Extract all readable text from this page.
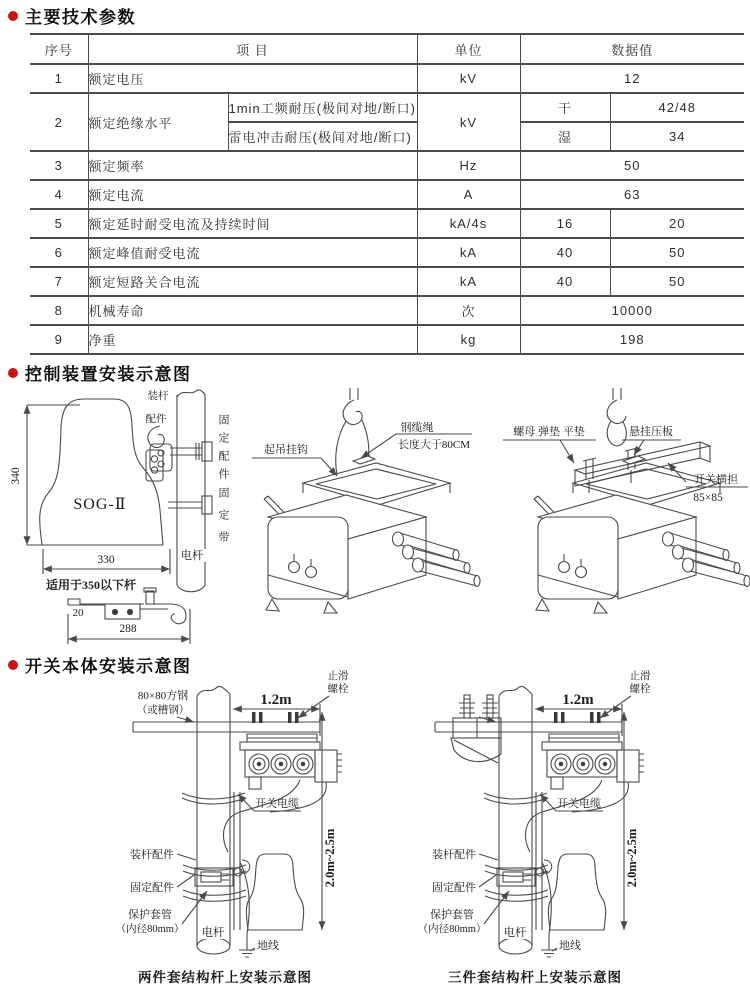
主要技术参数
序号	项 目		单位	数据值	
1	额定电压		kV	12	
2	额定绝缘水平	1min工频耐压(极间对地/断口)	kV	干	42/48
		雷电冲击耐压(极间对地/断口)		湿	34
3	额定频率		Hz	50	
4	额定电流		A	63	
5	额定延时耐受电流及持续时间		kA/4s	16	20
6	额定峰值耐受电流		kA	40	50
7	额定短路关合电流		kA	40	50
8	机械寿命		次	10000	
9	净重		kg	198	
控制装置安装示意图
装杆
配件	固定配件
固定带
电杆
SOG-Ⅱ
340
330
适用于350以下杆
20
288
起吊挂钩
钢缆绳
长度大于80CM
螺母 弹垫 平垫	悬挂压板
开关横担
85×85
开关本体安装示意图
80×80方钢
（或槽钢）
1.2m
止滑
螺栓
开关电缆
装杆配件
固定配件
保护套管
（内径80mm）
2.0m~2.5m
电杆
地线
1.2m
止滑
螺栓
开关电缆
装杆配件
固定配件
保护套管
（内径80mm）
2.0m~2.5m
电杆
地线
两件套结构杆上安装示意图	三件套结构杆上安装示意图
